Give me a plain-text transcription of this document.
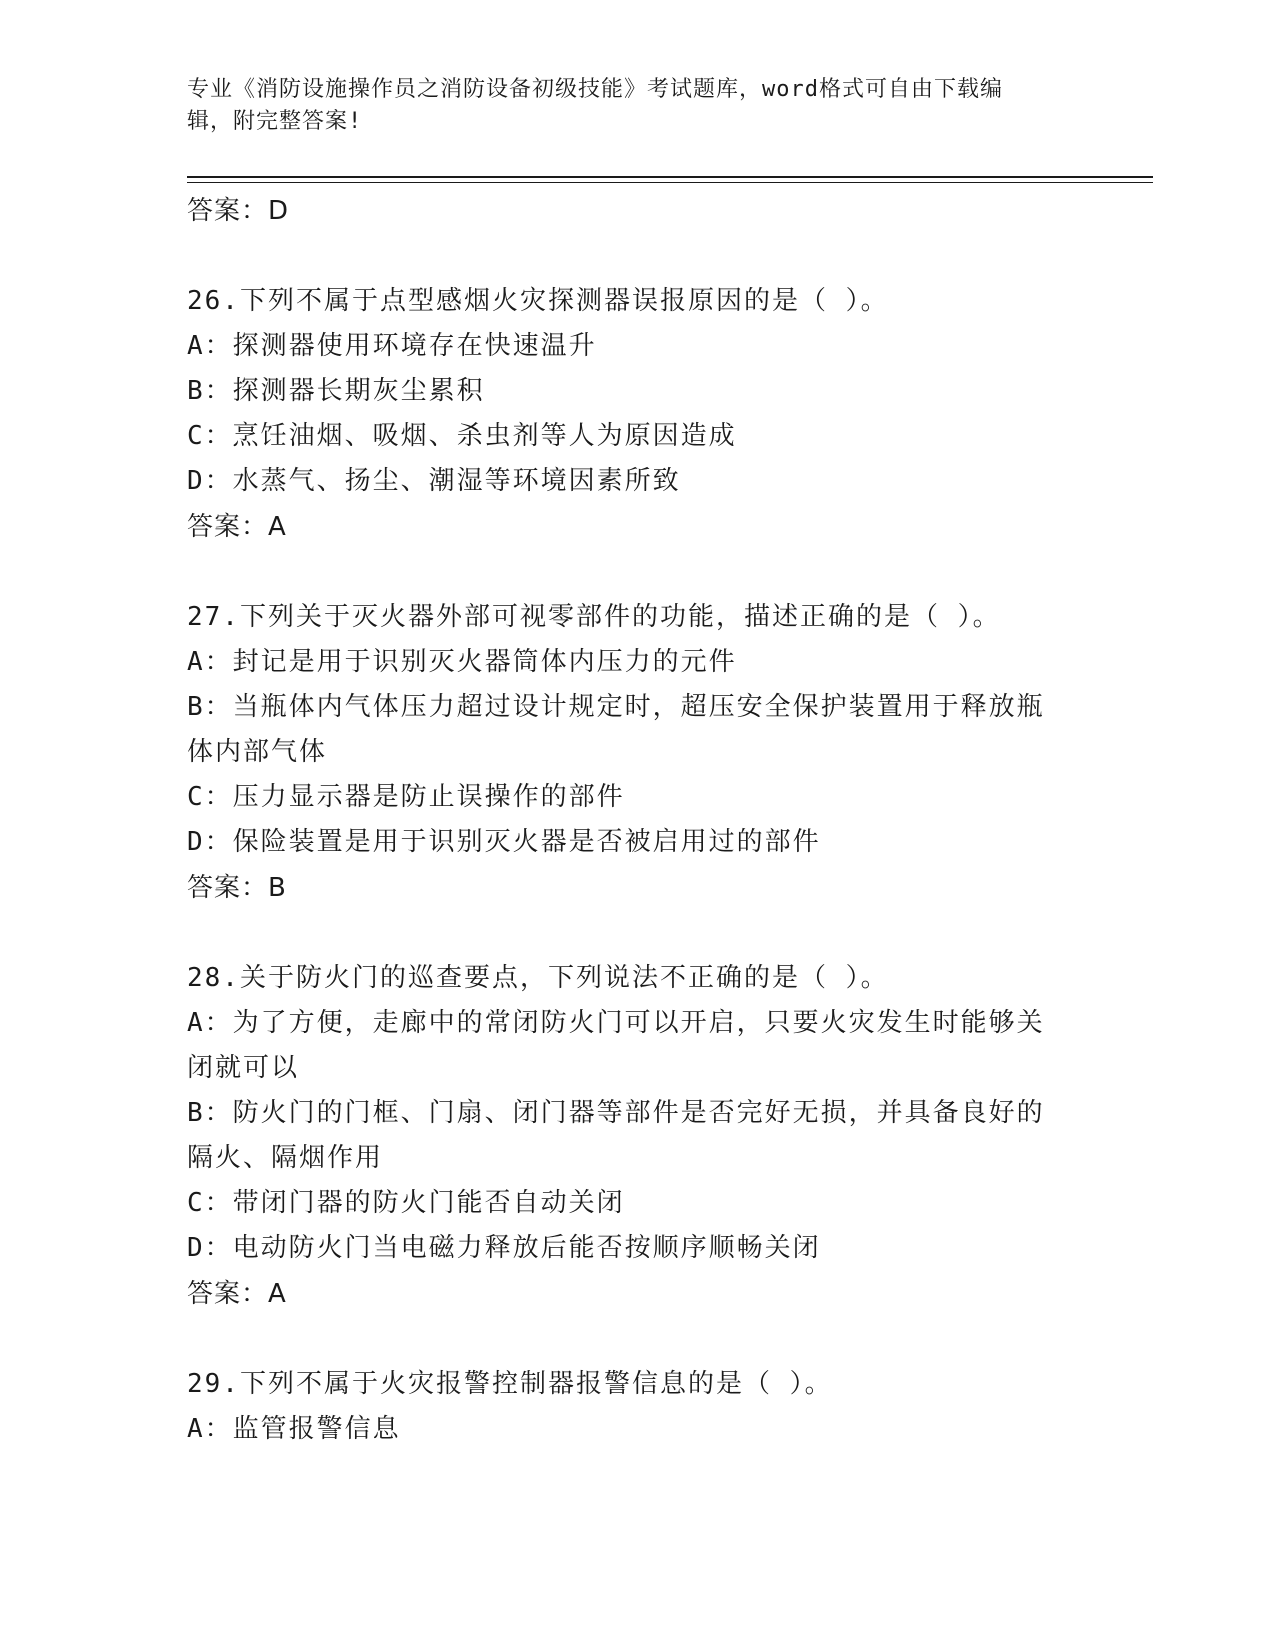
专业《消防设施操作员之消防设备初级技能》考试题库，word格式可自由下载编
辑，附完整答案!
答案：D
26.下列不属于点型感烟火灾探测器误报原因的是（ ）。
A：探测器使用环境存在快速温升
B：探测器长期灰尘累积
C：烹饪油烟、吸烟、杀虫剂等人为原因造成
D：水蒸气、扬尘、潮湿等环境因素所致
答案：A
27.下列关于灭火器外部可视零部件的功能，描述正确的是（ ）。
A：封记是用于识别灭火器筒体内压力的元件
B：当瓶体内气体压力超过设计规定时，超压安全保护装置用于释放瓶
体内部气体
C：压力显示器是防止误操作的部件
D：保险装置是用于识别灭火器是否被启用过的部件
答案：B
28.关于防火门的巡查要点，下列说法不正确的是（ ）。
A：为了方便，走廊中的常闭防火门可以开启，只要火灾发生时能够关
闭就可以
B：防火门的门框、门扇、闭门器等部件是否完好无损，并具备良好的
隔火、隔烟作用
C：带闭门器的防火门能否自动关闭
D：电动防火门当电磁力释放后能否按顺序顺畅关闭
答案：A
29.下列不属于火灾报警控制器报警信息的是（ ）。
A：监管报警信息
